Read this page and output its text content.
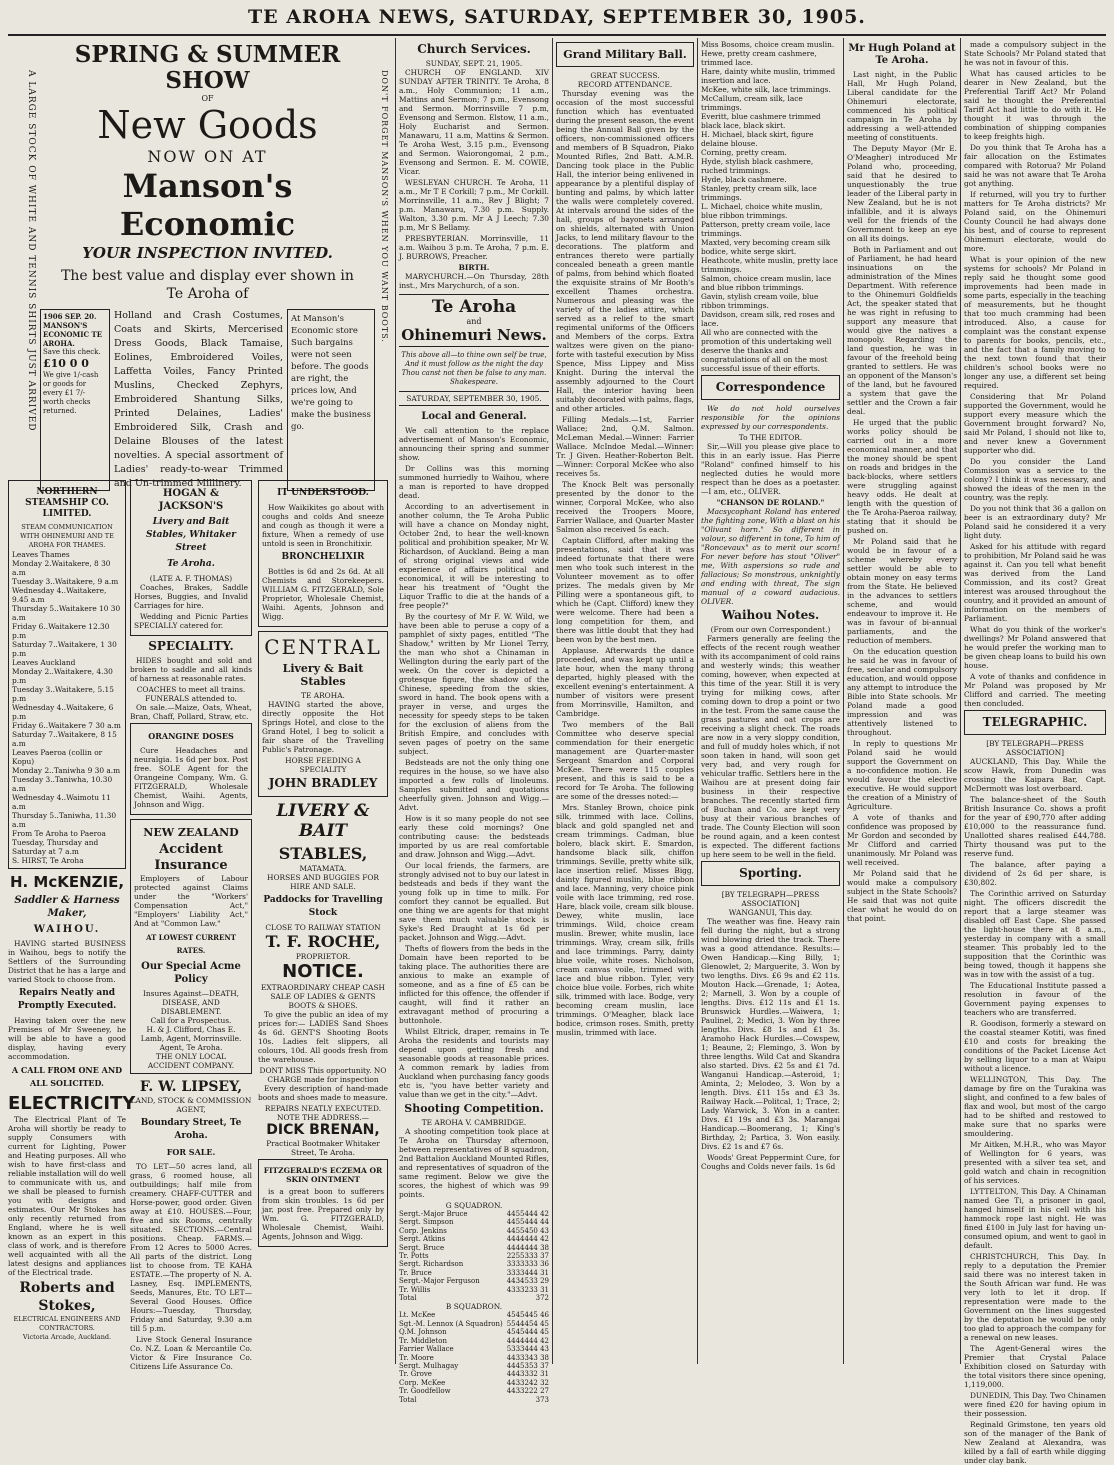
TE AROHA NEWS, SATURDAY, SEPTEMBER 30, 1905.
A LARGE STOCK OF WHITE AND TENNIS SHIRTS JUST ARRIVED	DON'T FORGET MANSON'S WHEN YOU WANT BOOTS.
SPRING & SUMMER SHOW
OF
New Goods
NOW ON AT
Manson's Economic
YOUR INSPECTION INVITED.
The best value and display ever shown in Te Aroha of
1906 SEP. 20.
MANSON'S ECONOMIC TE AROHA.
Save this check.
£10 0 0
We give 1/-cash or goods for every £1 7/- worth checks returned.
Holland and Crash Costumes, Coats and Skirts, Mercerised Dress Goods, Black Tamaise, Eolines, Embroidered Voiles, Laffetta Voiles, Fancy Printed Muslins, Checked Zephyrs, Embroidered Shantung Silks, Printed Delaines, Ladies' Embroidered Silk, Crash and Delaine Blouses of the latest novelties. A special assortment of Ladies' ready-to-wear Trimmed and Un-trimmed Millinery.
At Manson's Economic store Such bargains were not seen before. The goods are right, the prices low, And we're going to make the business go.
NORTHERN STEAMSHIP CO. LIMITED.
STEAM COMMUNICATION WITH OHINEMURI AND TE AROHA FOR THAMES.
Leaves Thames
Monday 2.Waitakere, 8 30 a.m
Tuesday 3..Waitakere, 9 a.m
Wednesday 4..Waitakere, 9.45 a.m
Thursday 5..Waitakere 10 30 a.m
Friday 6..Waitakere 12.30 p.m
Saturday 7..Waitakere, 1 30 p.m
Leaves Auckland
Monday 2..Waitakere, 4.30 p.m
Tuesday 3..Waitakere, 5.15 p.m
Wednesday 4..Waitakere, 6 p.m
Friday 6..Waitakere 7 30 a.m
Saturday 7..Waitakere, 8 15 a.m
Leaves Paeroa (collin or Kopu)
Monday 2..Taniwha 9 30 a.m
Tuesday 3..Taniwha, 10.30 a.m
Wednesday 4..Waimotu 11 a.m
Thursday 5..Taniwha, 11.30 a.m
From Te Aroha to Paeroa
Tuesday, Thursday and Saturday at 7 a.m
S. HIRST, Te Aroha
H. McKENZIE,
Saddler & Harness Maker,
WAIHOU.

HAVING started BUSINESS in Waihou, begs to notify the Settlers of the Surrounding District that he has a large and varied Stock to choose from.

Repairs Neatly and Promptly Executed.

Having taken over the new Premises of Mr Sweeney, he will be able to have a good display, having every accommodation.

A CALL FROM ONE AND ALL SOLICITED.
ELECTRICITY

The Electrical Plant of Te Aroha will shortly be ready to supply Consumers with current for Lighting, Power and Heating purposes. All who wish to have first-class and reliable installation will do well to communicate with us, and we shall be pleased to furnish you with designs and estimates. Our Mr Stokes has only recently returned from England, where he is well known as an expert in this class of work, and is therefore well acquainted with all the latest designs and appliances of the Electrical trade.

Roberts and Stokes,
ELECTRICAL ENGINEERS AND CONTRACTORS.
Victoria Arcade, Auckland.
HOGAN & JACKSON'S
Livery and Bait Stables, Whitaker Street
Te Aroha.
(LATE A. F. THOMAS)

Coaches, Brakes, Saddle Horses, Buggies, and Invalid Carriages for hire.

Wedding and Picnic Parties SPECIALLY catered for.

SPECIALITY.

HIDES bought and sold and broken to saddle and all kinds of harness at reasonable rates.

COACHES to meet all trains.
FUNERALS attended to.

On sale.—Maize, Oats, Wheat, Bran, Chaff, Pollard, Straw, etc.

ORANGINE DOSES

Cure Headaches and neuralgia. 1s 6d per box. Post free. SOLE Agent for the Orangeine Company, Wm. G. FITZGERALD, Wholesale Chemist, Waihi. Agents, Johnson and Wigg.

NEW ZEALAND
Accident Insurance

Employers of Labour protected against Claims under the "Workers' Compensation Act," "Employers' Liability Act," And at "Common Law."

AT LOWEST CURRENT RATES.
Our Special Acme Policy
Insures Against—DEATH, DISEASE, AND DISABLEMENT.
Call for a Prospectus.
H. & J. Clifford, Chas E. Lamb, Agent, Morrinsville. Agent, Te Aroha.
THE ONLY LOCAL ACCIDENT COMPANY.
F. W. LIPSEY,
LAND, STOCK & COMMISSION AGENT,
Boundary Street, Te Aroha.
FOR SALE.

TO LET—50 acres land, all grass, 6 roomed house, all outbuildings; half mile from creamery. CHAFF-CUTTER and Horse-power, good order. Given away at £10. HOUSES.—Four, five and six Rooms, centrally situated. SECTIONS.—Central positions. Cheap. FARMS.—From 12 Acres to 5000 Acres. All parts of the district. Long list to choose from. TE KAHA ESTATE.—The property of N. A. Lasney, Esq. IMPLEMENTS, Seeds, Manures, Etc. TO LET—Several Good Houses. Office Hours:—Tuesday, Thursday, Friday and Saturday, 9.30 a.m till 5 p.m.

Live Stock General Insurance Co. N.Z. Loan & Mercantile Co. Victor & Fire Insurance Co. Citizens Life Assurance Co.

IT UNDERSTOOD.

How Waikikites go about with coughs and colds And sneeze and cough as though it were a fixture, When a remedy of use untold is seen in Bronchitixir.

BRONCHELIXIR

Bottles is 6d and 2s 6d. At all Chemists and Storekeepers. WILLIAM G. FITZGERALD, Sole Proprietor, Wholesale Chemist, Waihi. Agents, Johnson and Wigg.

CENTRAL
Livery & Bait Stables
TE AROHA.

HAVING started the above, directly opposite the Hot Springs Hotel, and close to the Grand Hotel, I beg to solicit a fair share of the Travelling Public's Patronage.

HORSE FEEDING A SPECIALITY
JOHN BRADLEY
LIVERY & BAIT
STABLES,
MATAMATA.
HORSES AND BUGGIES FOR HIRE AND SALE.
Paddocks for Travelling Stock
CLOSE TO RAILWAY STATION
T. F. ROCHE,
PROPRIETOR.
NOTICE.
EXTRAORDINARY CHEAP CASH SALE OF LADIES & GENTS BOOTS & SHOES.

To give the public an idea of my prices for:— LADIES Sand Shoes 4s 6d. GENT'S Shooting Boots 10s. Ladies felt slippers, all colours, 10d. All goods fresh from the warehouse.

DONT MISS This opportunity. NO CHARGE made for inspection

Every description of hand-made boots and shoes made to measure.

REPAIRS NEATLY EXECUTED.
NOTE THE ADDRESS.—
DICK BRENAN,
Practical Bootmaker Whitaker Street, Te Aroha.
FITZGERALD'S ECZEMA OR SKIN OINTMENT

is a great boon to sufferers from skin troubles. 1s 6d per jar, post free. Prepared only by Wm. G. FITZGERALD, Wholesale Chemist, Waihi. Agents, Johnson and Wigg.

Church Services.
SUNDAY, SEPT. 21, 1905.

CHURCH OF ENGLAND. XIV SUNDAY AFTER TRINITY. Te Aroha, 8 a.m., Holy Communion; 11 a.m., Mattins and Sermon; 7 p.m., Evensong and Sermon. Morrinsville 7 p.m, Evensong and Sermon. Elstow, 11 a.m., Holy Eucharist and Sermon. Manawaru, 11 a.m, Mattins & Sermon. Te Aroha West, 3.15 p.m., Evensong and Sermon. Waiorongomai, 2 p.m., Evensong and Sermon. E. M. COWIE, Vicar.

WESLEYAN CHURCH. Te Aroha, 11 a.m., Mr T E Corkill; 7 p.m., Mr Corkill. Morrinsville, 11 a.m., Rev J Blight; 7 p.m. Manawaru, 7.30 p.m. Supply. Walton, 3.30 p.m. Mr A J Leech; 7.30 p.m, Mr S Bellamy.

PRESBYTERIAN. Morrinsville, 11 a.m. Waihou 3 p.m. Te Aroha, 7 p.m. E. J. BURROWS, Preacher.

BIRTH.

MARYCHURCH.—On Thursday, 28th inst., Mrs Marychurch, of a son.

Te Aroha
and
Ohinemuri News.
This above all—to thine own self be true, And it must follow as the night the day Thou canst not then be false to any man. Shakespeare.
SATURDAY, SEPTEMBER 30, 1905.
Local and General.

We call attention to the replace advertisement of Manson's Economic, announcing their spring and summer show.

Dr Collins was this morning summoned hurriedly to Waihou, where a man is reported to have dropped dead.

According to an advertisement in another column, the Te Aroha Public will have a chance on Monday night, October 2nd, to hear the well-known political and prohibition speaker, Mr W. Richardson, of Auckland. Being a man of strong original views and wide experience of affairs political and economical, it will be interesting to hear his treatment of "Ought the Liquor Traffic to die at the hands of a free people?"

By the courtesy of Mr F. W. Wild, we have been able to peruse a copy of a pamphlet of sixty pages, entitled "The Shadow," written by Mr Lionel Terry, the man who shot a Chinaman in Wellington during the early part of the week. On the cover is depicted a grotesque figure, the shadow of the Chinese, speeding from the skies, sword in hand. The book opens with a prayer in verse, and urges the necessity for speedy steps to be taken for the exclusion of aliens from the British Empire, and concludes with seven pages of poetry on the same subject.

Bedsteads are not the only thing one requires in the house, so we have also imported a few rolls of linoleums. Samples submitted and quotations cheerfully given. Johnson and Wigg.—Advt.

How is it so many people do not see early these cold mornings? One contributing cause: the bedsteads imported by us are real comfortable and draw. Johnson and Wigg.—Advt.

Our local friends, the farmers, are strongly advised not to buy our latest in bedsteads and beds if they want the young folk up in time to milk. For comfort they cannot be equalled. But one thing we are agents for that might save them much valuable stock is Syke's Red Draught at 1s 6d per packet. Johnson and Wigg.—Advt.

Thefts of flowers from the beds in the Domain have been reported to be taking place. The authorities there are anxious to make an example of someone, and as a fine of £5 can be inflicted for this offence, the offender if caught, will find it rather an extravagant method of procuring a buttonhole.

Whilst Eltrick, draper, remains in Te Aroha the residents and tourists may depend upon getting fresh and seasonable goods at reasonable prices. A common remark by ladies from Auckland when purchasing fancy goods etc is, "you have better variety and value than we get in the city."—Advt.

Shooting Competition.
TE AROHA V. CAMBRIDGE.

A shooting competition took place at Te Aroha on Thursday afternoon, between representatives of B squadron, 2nd Battalion Auckland Mounted Rifles, and representatives of squadron of the same regiment. Below we give the scores, the highest of which was 99 points.

G SQUADRON.
Sergt.-Major Bruce	4455444 42
Sergt. Simpson	4455444 44
Corp. Jenkins	4455450 43
Sergt. Atkins	4444444 42
Sergt. Bruce	4444444 38
Tr. Potts	2255333 37
Sergt. Richardson	3333333 36
Tr. Bruce	3333444 31
Sergt.-Major Ferguson	4434533 29
Tr. Willis	4333233 31
Total	372
B SQUADRON.
Lt. McKee	4545445 46
Sgt.-M. Lennox (A Squadron)	5544454 45
Q.M. Johnson	4545444 45
Tr. Middleton	4444444 42
Farrier Wallace	5333444 43
Tr. Moore	4433343 38
Sergt. Mulhagay	4445353 37
Tr. Grove	4443332 31
Corp. McKee	4433242 32
Tr. Goodfellow	4433222 27
Total	373
Grand Military Ball.
GREAT SUCCESS.
RECORD ATTENDANCE.

Thursday evening was the occasion of the most successful function which has eventuated during the present season, the event being the Annual Ball given by the officers, non-commissioned officers and members of B Squadron, Piako Mounted Rifles, 2nd Batt. A.M.R. Dancing took place in the Public Hall, the interior being enlivened in appearance by a plentiful display of bunting and palms, by which latter the walls were completely covered. At intervals around the sides of the hall, groups of bayonets arranged on shields, alternated with Union Jacks, to lend military flavour to the decorations. The platform and entrances thereto were partially concealed beneath a green mantle of palms, from behind which floated the exquisite strains of Mr Booth's excellent Thames orchestra. Numerous and pleasing was the variety of the ladies attire, which served as a relief to the smart regimental uniforms of the Officers and Members of the corps. Extra waltzes were given on the piano-forte with tasteful execution by Miss Spence, Miss Lippey and Miss Knight. During the interval the assembly adjourned to the Court Hall, the interior having been suitably decorated with palms, flags, and other articles.

Filling Medals.—1st, Farrier Wallace; 2nd, Q.M. Salmon. McLeman Medal.—Winner: Farrier Wallace. McIndoe Medal.—Winner: Tr. J Given. Heather-Roberton Belt.—Winner: Corporal McKee who also receives 5s.

The Knock Belt was personally presented by the donor to the winner, Corporal McKee, who also received the Troopers Moore, Farrier Wallace, and Quarter Master Salmon also received 5s each.

Captain Clifford, after making the presentations, said that it was indeed fortunate that there were men who took such interest in the Volunteer movement as to offer prizes. The medals given by Mr Pilling were a spontaneous gift, to which he (Capt. Clifford) knew they were welcome. There had been a long competition for them, and there was little doubt that they had been won by the best men.

Applause. Afterwards the dance proceeded, and was kept up until a late hour, when the many throng departed, highly pleased with the excellent evening's entertainment. A number of visitors were present from Morrinsville, Hamilton, and Cambridge.

Two members of the Ball Committee who deserve special commendation for their energetic management are Quarter-master Sergeant Smardon and Corporal McKee. There were 115 couples present, and this is said to be a record for Te Aroha. The following are some of the dresses noted:—

Mrs. Stanley Brown, choice pink silk, trimmed with lace. Collins, black and gold spangled net and cream trimmings. Cadman, blue bolero, black skirt. E. Smardon, handsome black silk, chiffon trimmings. Seville, pretty white silk, lace insertion relief. Misses Bigg, dainty figured muslin, blue ribbon and lace. Manning, very choice pink voile with lace trimming, red rose. Hare, black voile, cream silk blouse. Dewey, white muslin, lace trimmings. Wild, choice cream muslin. Brewer, white muslin, lace trimmings. Wray, cream silk, frills and lace trimmings. Parry, dainty blue voile, white roses. Nicholson, cream canvas voile, trimmed with lace and blue ribbon. Tyler, very choice blue voile. Forbes, rich white silk, trimmed with lace. Bodge, very becoming cream muslin, lace trimmings. O'Meagher, black lace bodice, crimson roses. Smith, pretty muslin, trimmed with lace.

Miss Bosoms, choice cream muslin.
Hewe, pretty cream cashmere, trimmed lace.
Hare, dainty white muslin, trimmed insertion and lace.
McKee, white silk, lace trimmings.
McCallum, cream silk, lace trimmings.
Everitt, blue cashmere trimmed black lace, black skirt.
H. Michael, black skirt, figure delaine blouse.
Corning, pretty cream.
Hyde, stylish black cashmere, ruched trimmings.
Hyde, black cashmere.
Stanley, pretty cream silk, lace trimmings.
L. Michael, choice white muslin, blue ribbon trimmings.
Patterson, pretty cream voile, lace trimmings.
Maxted, very becoming cream silk bodice, white serge skirt.
Heathcote, white muslin, pretty lace trimmings.
Salmon, choice cream muslin, lace and blue ribbon trimmings.
Gavin, stylish cream voile, blue ribbon trimmings.
Davidson, cream silk, red roses and lace.
All who are connected with the promotion of this undertaking well deserve the thanks and congratulations of all on the most successful issue of their efforts.
Correspondence

We do not hold ourselves responsible for the opinions expressed by our correspondents.

To THE EDITOR.

Sir,—Will you please give place to this in an early issue. Has Pierre "Roland" confined himself to his neglected duties he would more respect than he does as a poetaster.—I am, etc., OLIVER.

"CHANSON DE ROLAND."

Macsycophant Roland has entered the fighting zone, With a blast on his "Olivant horn." So different in valour, so different in tone, To him of "Roncevaux" as to merit our scorn! For never before has stout "Oliver" me, With aspersions so rude and fallacious; So monstrous, unknightly and ending with threat, The sign manual of a coward audacious. OLIVER.

Waihou Notes.
(From our own Correspondent.)

Farmers generally are feeling the effects of the recent rough weather with its accompaniment of cold rains and westerly winds; this weather coming, however, when expected at this time of the year. Still it is very trying for milking cows, after coming down to drop a point or two in the test. From the same cause the grass pastures and oat crops are receiving a slight check. The roads are now in a very sloppy condition, and full of muddy holes which, if not soon taken in hand, will soon get very bad, and very rough for vehicular traffic. Settlers here in the Waihou are at present doing fair business in their respective branches. The recently started firm of Buchan and Co. are kept very busy at their various branches of trade. The County Election will soon be round again, and a keen contest is expected. The different factions up here seem to be well in the field.

Sporting.
[BY TELEGRAPH—PRESS ASSOCIATION]
WANGANUI, This day.

The weather was fine. Heavy rain fell during the night, but a strong wind blowing dried the track. There was a good attendance. Results:— Owen Handicap.—King Billy, 1; Glenowlet, 2; Marguerite, 3. Won by two lengths. Divs. £6 9s and £2 11s. Mouton Hack.—Grenade, 1; Aotea, 2; Marnell, 3. Won by a couple of lengths. Divs. £12 11s and £1 1s. Brunswick Hurdles.—Waiwera, 1; Paulinel, 2; Medici, 3. Won by three lengths. Divs. £8 1s and £1 3s. Aramoho Hack Hurdles.—Cowspew, 1; Beaune, 2; Flemingo, 3. Won by three lengths. Wild Cat and Skandra also started. Divs. £2 5s and £1 7d. Wanganui Handicap.—Asteroid, 1; Aminta, 2; Melodeo, 3. Won by a length. Divs. £11 15s and £3 3s. Railway Hack.—Politcal, 1; Trace, 2; Lady Warwick, 3. Won in a canter. Divs. £1 19s and £3 3s. Marangai Handicap.—Boomerang, 1; King's Birthday, 2; Partica, 3. Won easily. Divs. £2 1s and £7 6s.

Woods' Great Peppermint Cure, for Coughs and Colds never fails. 1s 6d

Mr Hugh Poland at Te Aroha.

Last night, in the Public Hall, Mr Hugh Poland, Liberal candidate for the Ohinemuri electorate, commenced his political campaign in Te Aroha by addressing a well-attended meeting of constituents.

The Deputy Mayor (Mr E. O'Meagher) introduced Mr Poland who, proceeding, said that he desired to unquestionably the true leader of the Liberal party in New Zealand, but he is not infallible, and it is always well for the friends of the Government to keep an eye on all its doings.

Both in Parliament and out of Parliament, he had heard insinuations on the administration of the Mines Department. With reference to the Ohinemuri Goldfields Act, the speaker stated that he was right in refusing to support any measure that would give the natives a monopoly. Regarding the land question, he was in favour of the freehold being granted to settlers. He was an opponent of the Manson's of the land, but he favoured a system that gave the settler and the Crown a fair deal.

He urged that the public works policy should be carried out in a more economical manner, and that the money should be spent on roads and bridges in the back-blocks, where settlers were struggling against heavy odds. He dealt at length with the question of the Te Aroha-Paeroa railway, stating that it should be pushed on.

Mr Poland said that he would be in favour of a scheme whereby every settler would be able to obtain money on easy terms from the State. He believed in the advances to settlers scheme, and would endeavour to improve it. He was in favour of bi-annual parliaments, and the reduction of members.

On the education question he said he was in favour of free, secular and compulsory education, and would oppose any attempt to introduce the Bible into State schools. Mr Poland made a good impression and was attentively listened to throughout.

In reply to questions Mr Poland said he would support the Government on a no-confidence motion. He would favour the elective executive. He would support the creation of a Ministry of Agriculture.

A vote of thanks and confidence was proposed by Mr Gordon and seconded by Mr Clifford and carried unanimously. Mr Poland was well received.

Mr Poland said that he would make a compulsory subject in the State Schools? He said that was not quite clear what he would do on that point.

made a compulsory subject in the State Schools? Mr Poland stated that he was not in favour of this.

What has caused articles to be dearer in New Zealand, but the Preferential Tariff Act? Mr Poland said he thought the Preferential Tariff Act had little to do with it. He thought it was through the combination of shipping companies to keep freights high.

Do you think that Te Aroha has a fair allocation on the Estimates compared with Rotorua? Mr Poland said he was not aware that Te Aroha got anything.

If returned, will you try to further matters for Te Aroha districts? Mr Poland said, on the Ohinemuri County Council he had always done his best, and of course to represent Ohinemuri electorate, would do more.

What is your opinion of the new systems for schools? Mr Poland in reply said he thought some good improvements had been made in some parts, especially in the teaching of measurements, but he thought that too much cramming had been introduced. Also, a cause for complaint was the constant expense to parents for books, pencils, etc., and the fact that a family moving to the next town found that their children's school books were no longer any use, a different set being required.

Considering that Mr Poland supported the Government, would he support every measure which the Government brought forward? No, said Mr Poland, I should not like to, and never knew a Government supporter who did.

Do you consider the Land Commission was a service to the colony? I think it was necessary, and showed the ideas of the men in the country, was the reply.

Do you not think that 36 a gallon on beer is an extraordinary duty? Mr Poland said he considered it a very light duty.

Asked for his attitude with regard to prohibition, Mr Poland said he was against it. Can you tell what benefit was derived from the Land Commission, and its cost? Great interest was aroused throughout the country, and it provided an amount of information on the members of Parliament.

What do you think of the worker's dwellings? Mr Poland answered that he would prefer the working man to be given cheap loans to build his own house.

A vote of thanks and confidence in Mr Poland was proposed by Mr Clifford and carried. The meeting then concluded.

TELEGRAPHIC.
[BY TELEGRAPH—PRESS ASSOCIATION]

AUCKLAND, This Day. While the scow Hawk, from Dunedin was crossing the Kaipara Bar, Capt. McDermott was lost overboard.

The balance-sheet of the South British Insurance Co. shows a profit for the year of £90,770 after adding £10,000 to the reassurance fund. Unallotted shares realised £44,788. Thirty thousand was put to the reserve fund.

The balance, after paying a dividend of 2s 6d per share, is £30,802.

The Corinthic arrived on Saturday night. The officers discredit the report that a large steamer was disabled off East Cape. She passed the light-house there at 8 a.m., yesterday in company with a small steamer. This probably led to the supposition that the Corinthic was being towed, though it happens she was in tow with the assist of a tug.

The Educational Institute passed a resolution in favour of the Government paying expenses to teachers who are transferred.

R. Goodison, formerly a steward on the coastal steamer Kotiti, was fined £10 and costs for breaking the conditions of the Packet License Act by selling liquor to a man at Waipu without a licence.

WELLINGTON, This Day. The damage by fire on the Turakina was slight, and confined to a few bales of flax and wool, but most of the cargo had to be shifted and restowed to make sure that no sparks were smouldering.

Mr Aitken, M.H.R., who was Mayor of Wellington for 6 years, was presented with a silver tea set, and gold watch and chain in recognition of his services.

LYTTELTON, This Day. A Chinaman named Gee Ti, a prisoner in gaol, hanged himself in his cell with his hammock rope last night. He was fined £100 in July last for having un-consumed opium, and went to gaol in default.

CHRISTCHURCH, This Day. In reply to a deputation the Premier said there was no interest taken in the South African war fund. He was very loth to let it drop. If representation were made to the Government on the lines suggested by the deputation he would be only too glad to approach the company for a renewal on new leases.

The Agent-General wires the Premier that Crystal Palace Exhibition closed on Saturday with the total visitors there since opening, 1,119,000.

DUNEDIN, This Day. Two Chinamen were fined £20 for having opium in their possession.

Reginald Grimstone, ten years old son of the manager of the Bank of New Zealand at Alexandra, was killed by a fall of earth while digging under clay bank.
